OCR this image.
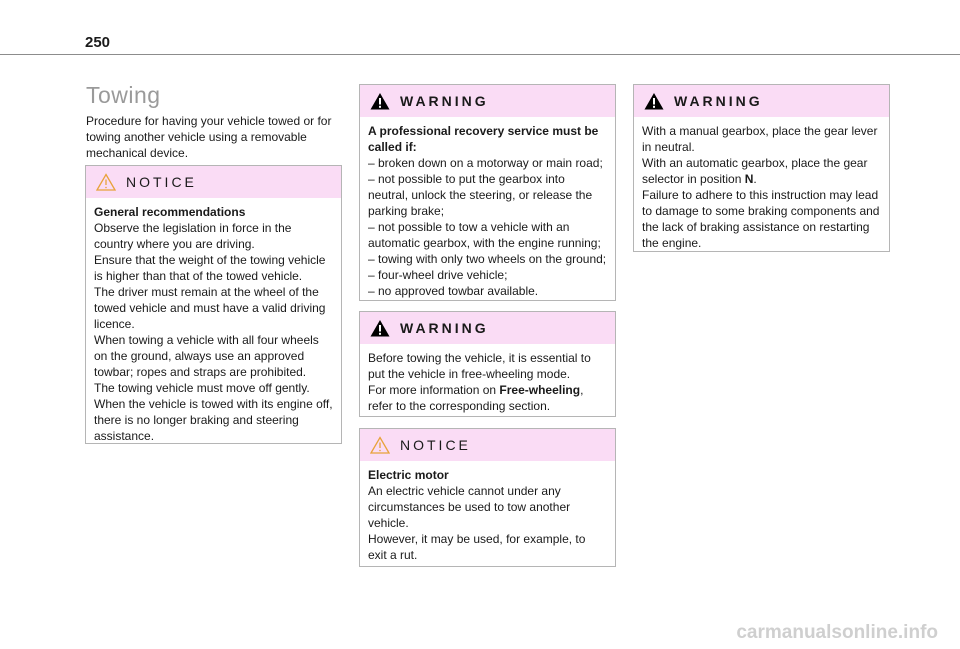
250
Towing
Procedure for having your vehicle towed or for towing another vehicle using a removable mechanical device.
NOTICE
General recommendations
Observe the legislation in force in the country where you are driving.
Ensure that the weight of the towing vehicle is higher than that of the towed vehicle.
The driver must remain at the wheel of the towed vehicle and must have a valid driving licence.
When towing a vehicle with all four wheels on the ground, always use an approved towbar; ropes and straps are prohibited.
The towing vehicle must move off gently.
When the vehicle is towed with its engine off, there is no longer braking and steering assistance.
WARNING
A professional recovery service must be called if:
– broken down on a motorway or main road;
– not possible to put the gearbox into neutral, unlock the steering, or release the parking brake;
– not possible to tow a vehicle with an automatic gearbox, with the engine running;
– towing with only two wheels on the ground;
– four-wheel drive vehicle;
– no approved towbar available.
WARNING
Before towing the vehicle, it is essential to put the vehicle in free-wheeling mode.
For more information on Free-wheeling, refer to the corresponding section.
NOTICE
Electric motor
An electric vehicle cannot under any circumstances be used to tow another vehicle.
However, it may be used, for example, to exit a rut.
WARNING
With a manual gearbox, place the gear lever in neutral.
With an automatic gearbox, place the gear selector in position N.
Failure to adhere to this instruction may lead to damage to some braking components and the lack of braking assistance on restarting the engine.
carmanualsonline.info
